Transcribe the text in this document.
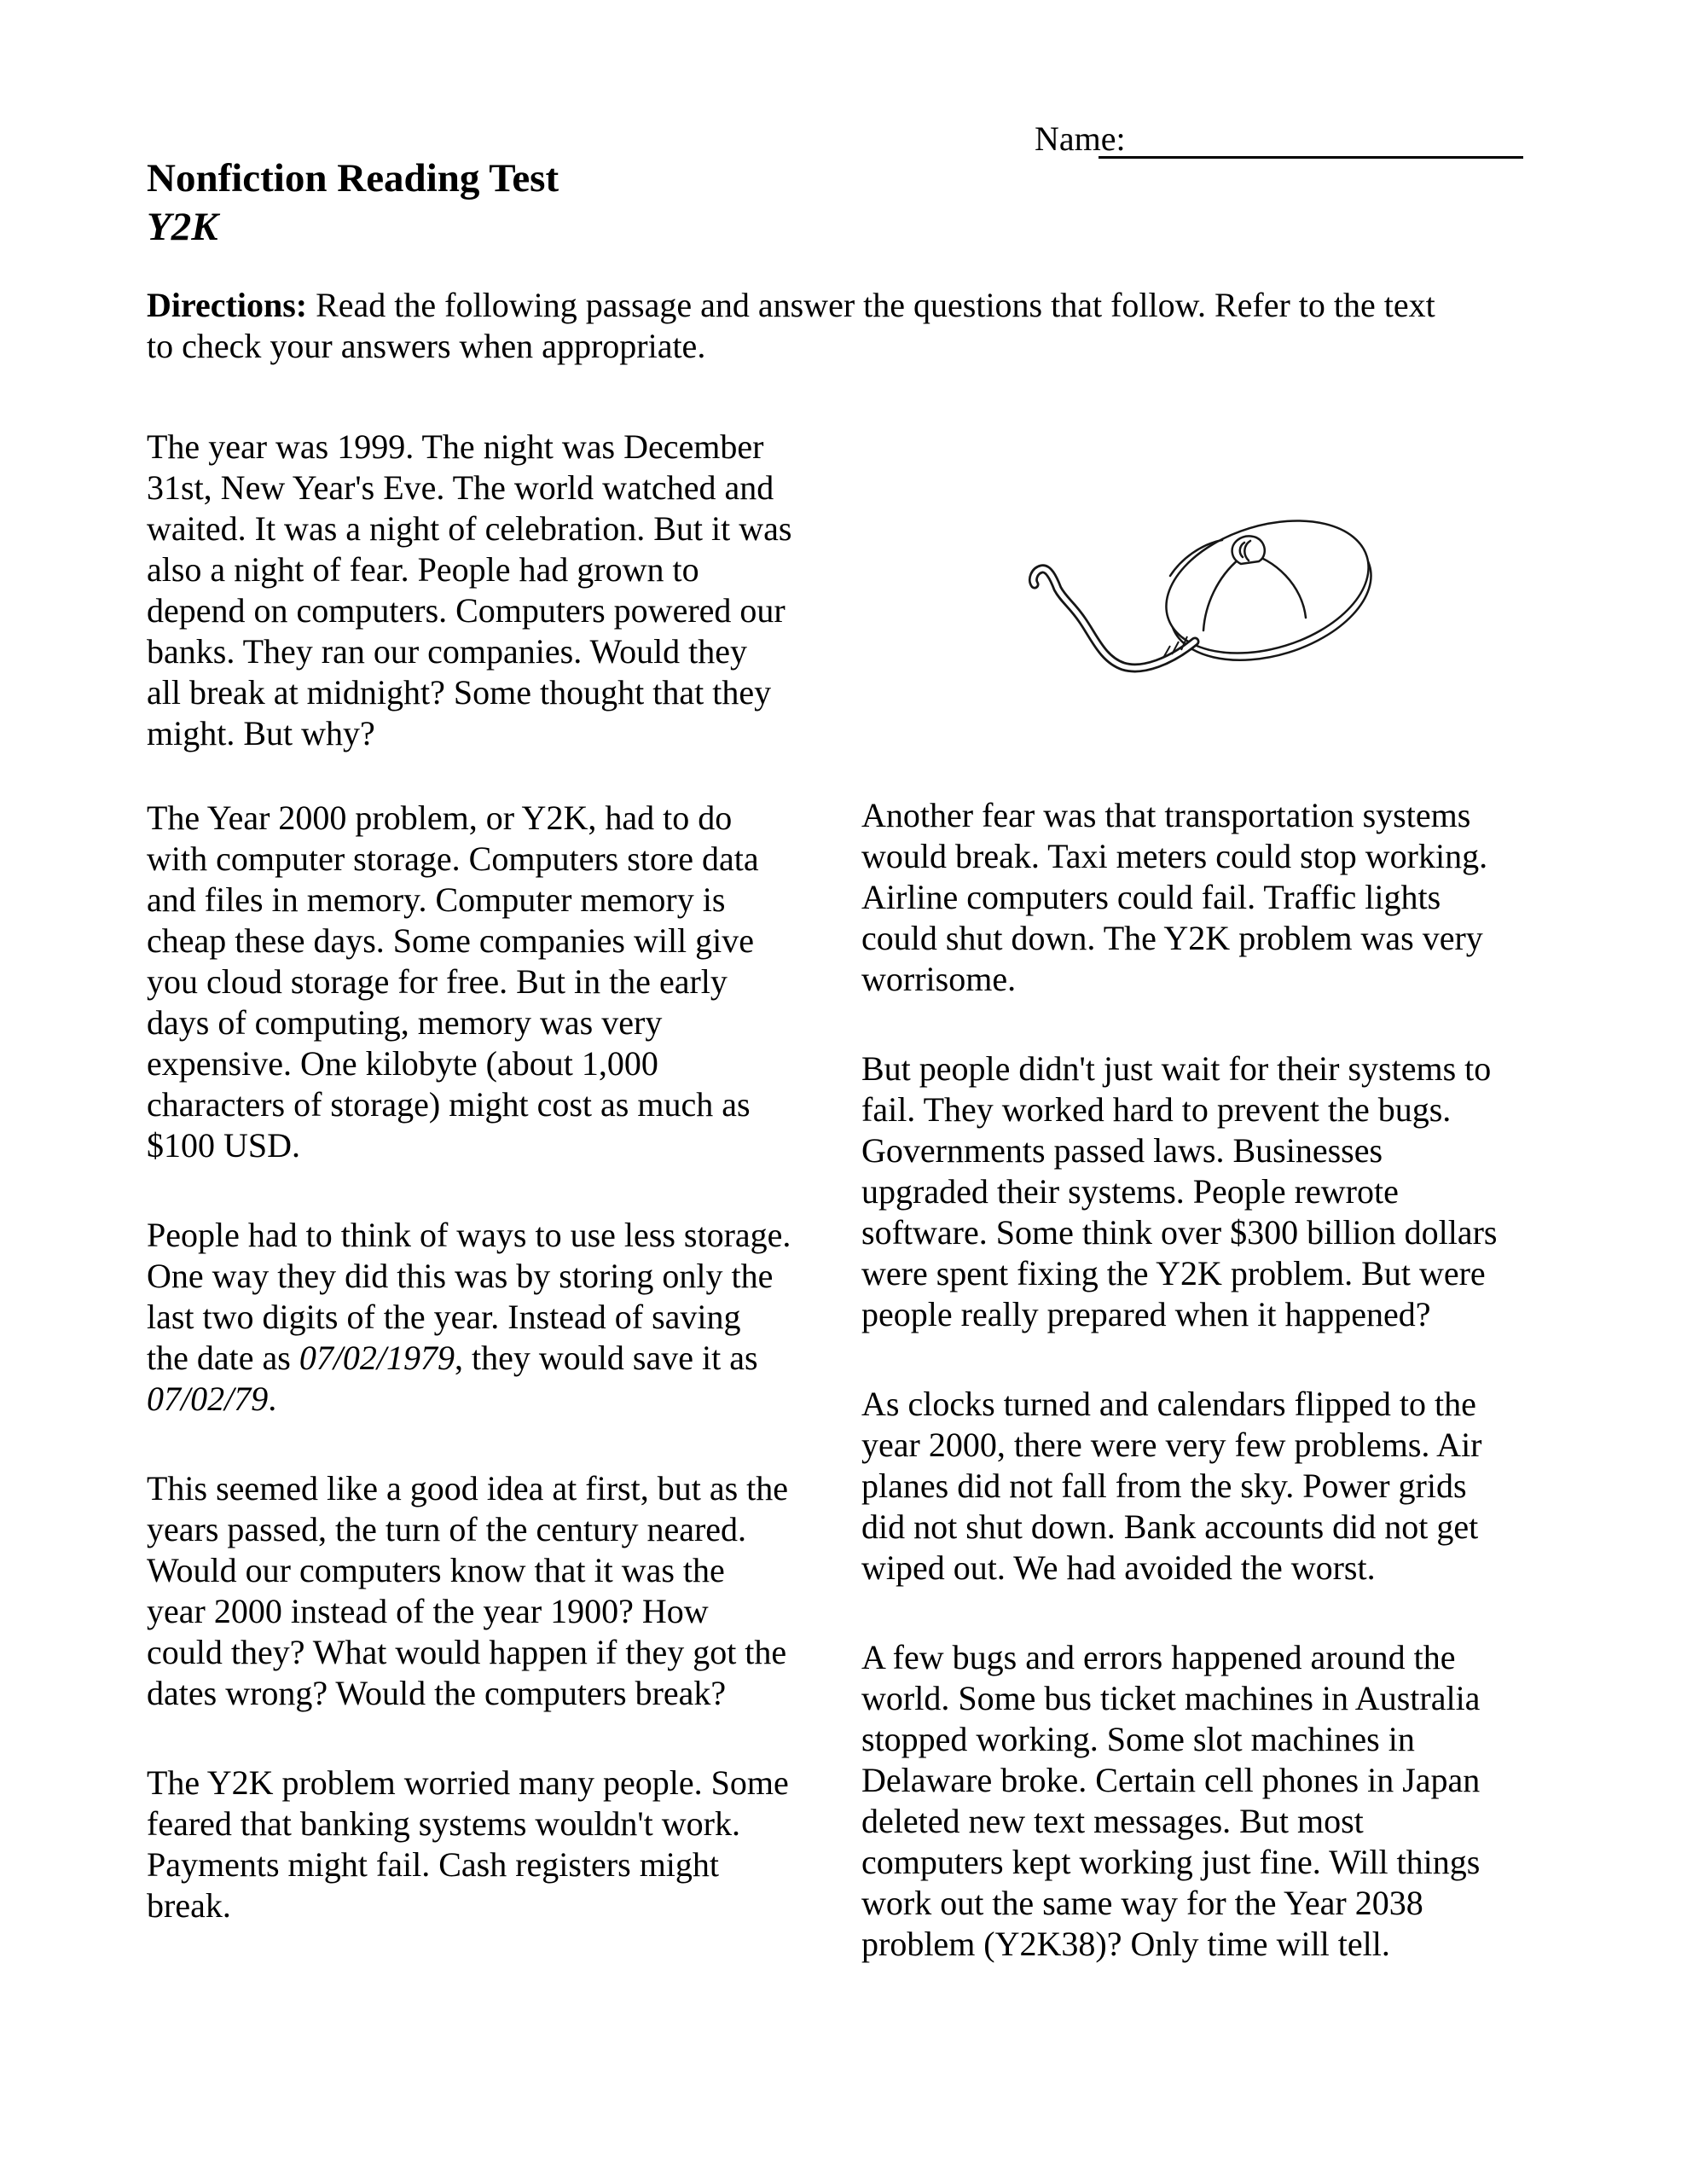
Name:
Nonfiction Reading Test
Y2K

Directions: Read the following passage and answer the questions that follow. Refer to the text
to check your answers when appropriate.

The year was 1999. The night was December
31st, New Year's Eve. The world watched and
waited. It was a night of celebration. But it was
also a night of fear. People had grown to
depend on computers. Computers powered our
banks. They ran our companies. Would they
all break at midnight? Some thought that they
might. But why?

The Year 2000 problem, or Y2K, had to do
with computer storage. Computers store data
and files in memory. Computer memory is
cheap these days. Some companies will give
you cloud storage for free. But in the early
days of computing, memory was very
expensive. One kilobyte (about 1,000
characters of storage) might cost as much as
$100 USD.

People had to think of ways to use less storage.
One way they did this was by storing only the
last two digits of the year. Instead of saving
the date as 07/02/1979, they would save it as
07/02/79.

This seemed like a good idea at first, but as the
years passed, the turn of the century neared.
Would our computers know that it was the
year 2000 instead of the year 1900? How
could they? What would happen if they got the
dates wrong? Would the computers break?

The Y2K problem worried many people. Some
feared that banking systems wouldn't work.
Payments might fail. Cash registers might
break.

Another fear was that transportation systems
would break. Taxi meters could stop working.
Airline computers could fail. Traffic lights
could shut down. The Y2K problem was very
worrisome.

But people didn't just wait for their systems to
fail. They worked hard to prevent the bugs.
Governments passed laws. Businesses
upgraded their systems. People rewrote
software. Some think over $300 billion dollars
were spent fixing the Y2K problem. But were
people really prepared when it happened?

As clocks turned and calendars flipped to the
year 2000, there were very few problems. Air
planes did not fall from the sky. Power grids
did not shut down. Bank accounts did not get
wiped out. We had avoided the worst.

A few bugs and errors happened around the
world. Some bus ticket machines in Australia
stopped working. Some slot machines in
Delaware broke. Certain cell phones in Japan
deleted new text messages. But most
computers kept working just fine. Will things
work out the same way for the Year 2038
problem (Y2K38)? Only time will tell.
